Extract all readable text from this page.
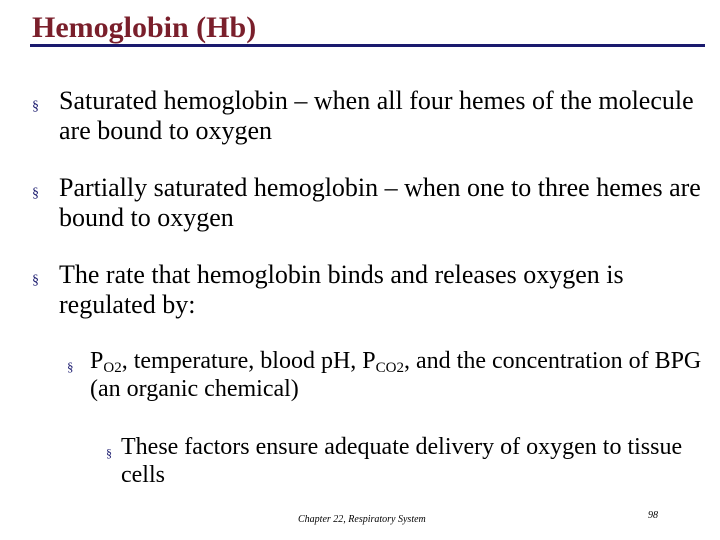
Hemoglobin (Hb)
§ Saturated hemoglobin – when all four hemes of the molecule are bound to oxygen
§ Partially saturated hemoglobin – when one to three hemes are bound to oxygen
§ The rate that hemoglobin binds and releases oxygen is regulated by:
§ $P_{O2}$, temperature, blood pH, $P_{CO2}$, and the concentration of BPG (an organic chemical)
§ These factors ensure adequate delivery of oxygen to tissue cells
Chapter 22, Respiratory System	98
